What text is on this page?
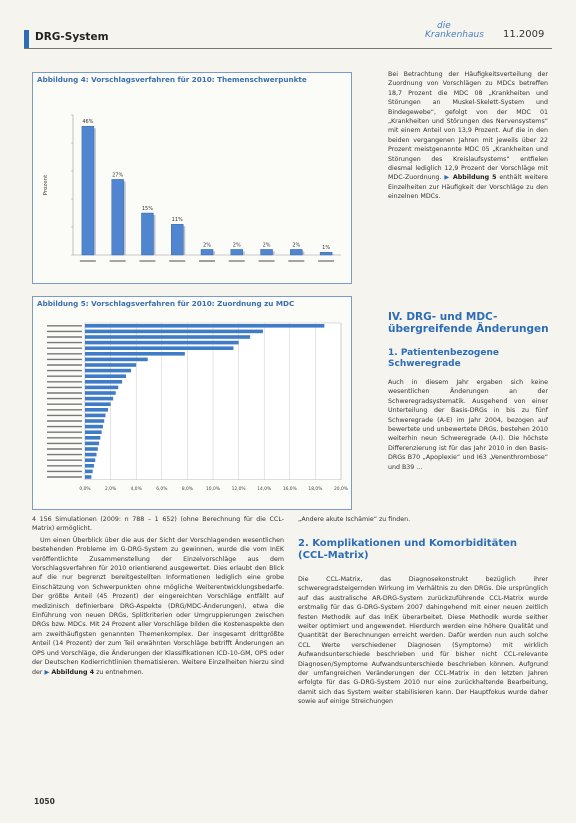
DRG-System
die
Krankenhaus 11.2009
Abbildung 4: Vorschlagsverfahren für 2010: Themenschwerpunkte
Prozent
46%
27%
15%
11%
2%	2%	2%	2%	1%
Abbildung 5: Vorschlagsverfahren für 2010: Zuordnung zu MDC
0,0%	2,0%	4,0%	6,0%	8,0%	10,0%	12,0%	14,0%	16,0%	18,0%	20,0%

Bei Betrachtung der Häufigkeitsverteilung der Zuordnung von Vorschlägen zu MDCs betreffen 18,7 Prozent die MDC 08 „Krankheiten und Störungen an Muskel-Skelett-System und Bindegewebe“, gefolgt von der MDC 01 „Krankheiten und Störungen des Nervensystems“ mit einem Anteil von 13,9 Prozent. Auf die in den beiden vergangenen Jahren mit jeweils über 22 Prozent meistgenannte MDC 05 „Krankheiten und Störungen des Kreislaufsystems“ entfielen diesmal lediglich 12,9 Prozent der Vorschläge mit MDC-Zuordnung. ▶ Abbildung 5 enthält weitere Einzelheiten zur Häufigkeit der Vorschläge zu den einzelnen MDCs.

IV. DRG- und MDC-
übergreifende Änderungen
1. Patientenbezogene
Schweregrade

Auch in diesem Jahr ergaben sich keine wesentlichen Änderungen an der Schweregradsystematik. Ausgehend von einer Unterteilung der Basis-DRGs in bis zu fünf Schweregrade (A-E) im Jahr 2004, bezogen auf bewertete und unbewertete DRGs, bestehen 2010 weiterhin neun Schweregrade (A-I). Die höchste Differenzierung ist für das Jahr 2010 in den Basis-DRGs B70 „Apoplexie“ und I63 „Venenthrombose“ und B39 ...

4 156 Simulationen (2009: n 788 – 1 652) (ohne Berechnung für die CCL-Matrix) ermöglicht.

Um einen Überblick über die aus der Sicht der Vorschlagenden wesentlichen bestehenden Probleme im G-DRG-System zu gewinnen, wurde die vom InEK veröffentlichte Zusammenstellung der Einzelvorschläge aus dem Vorschlagsverfahren für 2010 orientierend ausgewertet. Dies erlaubt den Blick auf die nur begrenzt bereitgestellten Informationen lediglich eine grobe Einschätzung von Schwerpunkten ohne mögliche Weiterentwicklungsbedarfe. Der größte Anteil (45 Prozent) der eingereichten Vorschläge entfällt auf medizinisch definierbare DRG-Aspekte (DRG/MDC-Änderungen), etwa die Einführung von neuen DRGs, Splitkriterien oder Umgruppierungen zwischen DRGs bzw. MDCs. Mit 24 Prozent aller Vorschläge bilden die Kostenaspekte den am zweithäufigsten genannten Themenkomplex. Der insgesamt drittgrößte Anteil (14 Prozent) der zum Teil erwähnten Vorschläge betrifft Änderungen an OPS und Vorschläge, die Änderungen der Klassifikationen ICD-10-GM, OPS oder der Deutschen Kodierrichtlinien thematisieren. Weitere Einzelheiten hierzu sind der ▶ Abbildung 4 zu entnehmen.

„Andere akute Ischämie“ zu finden.

2. Komplikationen und Komorbiditäten
(CCL-Matrix)

Die CCL-Matrix, das Diagnosekonstrukt bezüglich ihrer schweregradsteigernden Wirkung im Verhältnis zu den DRGs. Die ursprünglich auf das australische AR-DRG-System zurückzuführende CCL-Matrix wurde erstmalig für das G-DRG-System 2007 dahingehend mit einer neuen zeitlich festen Methodik auf das InEK überarbeitet. Diese Methodik wurde seither weiter optimiert und angewendet. Hierdurch werden eine höhere Qualität und Quantität der Berechnungen erreicht werden. Dafür werden nun auch solche CCL Werte verschiedener Diagnosen (Symptome) mit wirklich Aufwandsunterschiede beschrieben und für bisher nicht CCL-relevante Diagnosen/Symptome Aufwandsunterschiede beschrieben können. Aufgrund der umfangreichen Veränderungen der CCL-Matrix in den letzten Jahren erfolgte für das G-DRG-System 2010 nur eine zurückhaltende Bearbeitung, damit sich das System weiter stabilisieren kann. Der Hauptfokus wurde daher sowie auf einige Streichungen

1050
